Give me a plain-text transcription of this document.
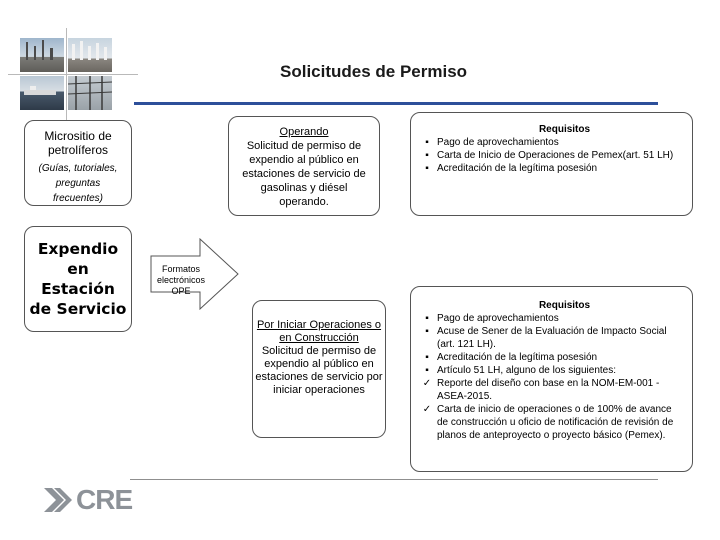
Solicitudes de Permiso
Micrositio de
petrolíferos
(Guías, tutoriales,
preguntas
frecuentes)
Expendio
en
Estación
de Servicio
Formatos
electrónicos
OPE
Operando
Solicitud de permiso de expendio al público en estaciones de servicio de gasolinas y diésel operando.
Por Iniciar Operaciones o en Construcción
Solicitud de permiso de expendio al público en estaciones de servicio por iniciar operaciones
Requisitos
▪ Pago de aprovechamientos
▪ Carta de Inicio de Operaciones de Pemex(art. 51 LH)
▪ Acreditación de la legítima posesión
Requisitos
▪ Pago de aprovechamientos
▪ Acuse de Sener de la Evaluación de Impacto Social (art. 121 LH).
▪ Acreditación de la legítima posesión
▪ Artículo 51 LH, alguno de los siguientes:
✓ Reporte del diseño con base en la NOM-EM-001 -ASEA-2015.
✓ Carta de inicio de operaciones o de 100% de avance de construcción u oficio de notificación de revisión de planos de anteproyecto o proyecto básico (Pemex).
CRE
